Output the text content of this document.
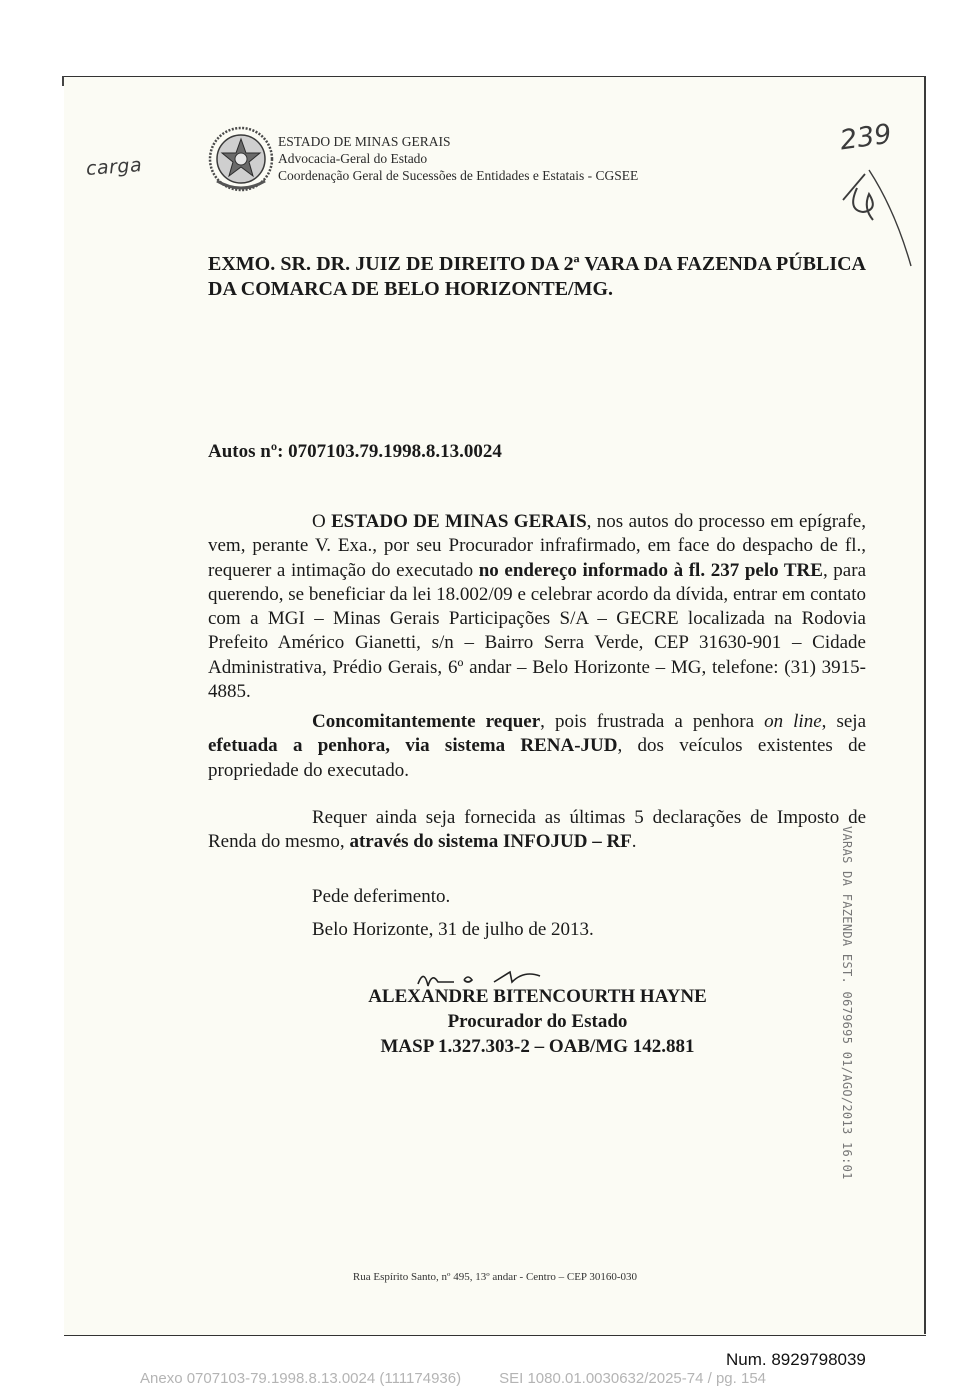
ESTADO DE MINAS GERAIS
Advocacia-Geral do Estado
Coordenação Geral de Sucessões de Entidades e Estatais - CGSEE
carga
239
EXMO. SR. DR. JUIZ DE DIREITO DA 2ª VARA DA FAZENDA PÚBLICA DA COMARCA DE BELO HORIZONTE/MG.
Autos nº: 0707103.79.1998.8.13.0024
O ESTADO DE MINAS GERAIS, nos autos do processo em epígrafe, vem, perante V. Exa., por seu Procurador infrafirmado, em face do despacho de fl., requerer a intimação do executado no endereço informado à fl. 237 pelo TRE, para querendo, se beneficiar da lei 18.002/09 e celebrar acordo da dívida, entrar em contato com a MGI – Minas Gerais Participações S/A – GECRE localizada na Rodovia Prefeito Américo Gianetti, s/n – Bairro Serra Verde, CEP 31630-901 – Cidade Administrativa, Prédio Gerais, 6º andar – Belo Horizonte – MG, telefone: (31) 3915-4885.
Concomitantemente requer, pois frustrada a penhora on line, seja efetuada a penhora, via sistema RENA-JUD, dos veículos existentes de propriedade do executado.
Requer ainda seja fornecida as últimas 5 declarações de Imposto de Renda do mesmo, através do sistema INFOJUD – RF.
Pede deferimento.
Belo Horizonte, 31 de julho de 2013.
ALEXANDRE BITENCOURTH HAYNE
Procurador do Estado
MASP 1.327.303-2 – OAB/MG 142.881	VARAS DA FAZENDA EST. 0679695 01/AGO/2013 16:01
Rua Espírito Santo, nº 495, 13º andar - Centro – CEP 30160-030
Num. 8929798039
Anexo 0707103-79.1998.8.13.0024 (111174936)	SEI 1080.01.0030632/2025-74 / pg. 154
